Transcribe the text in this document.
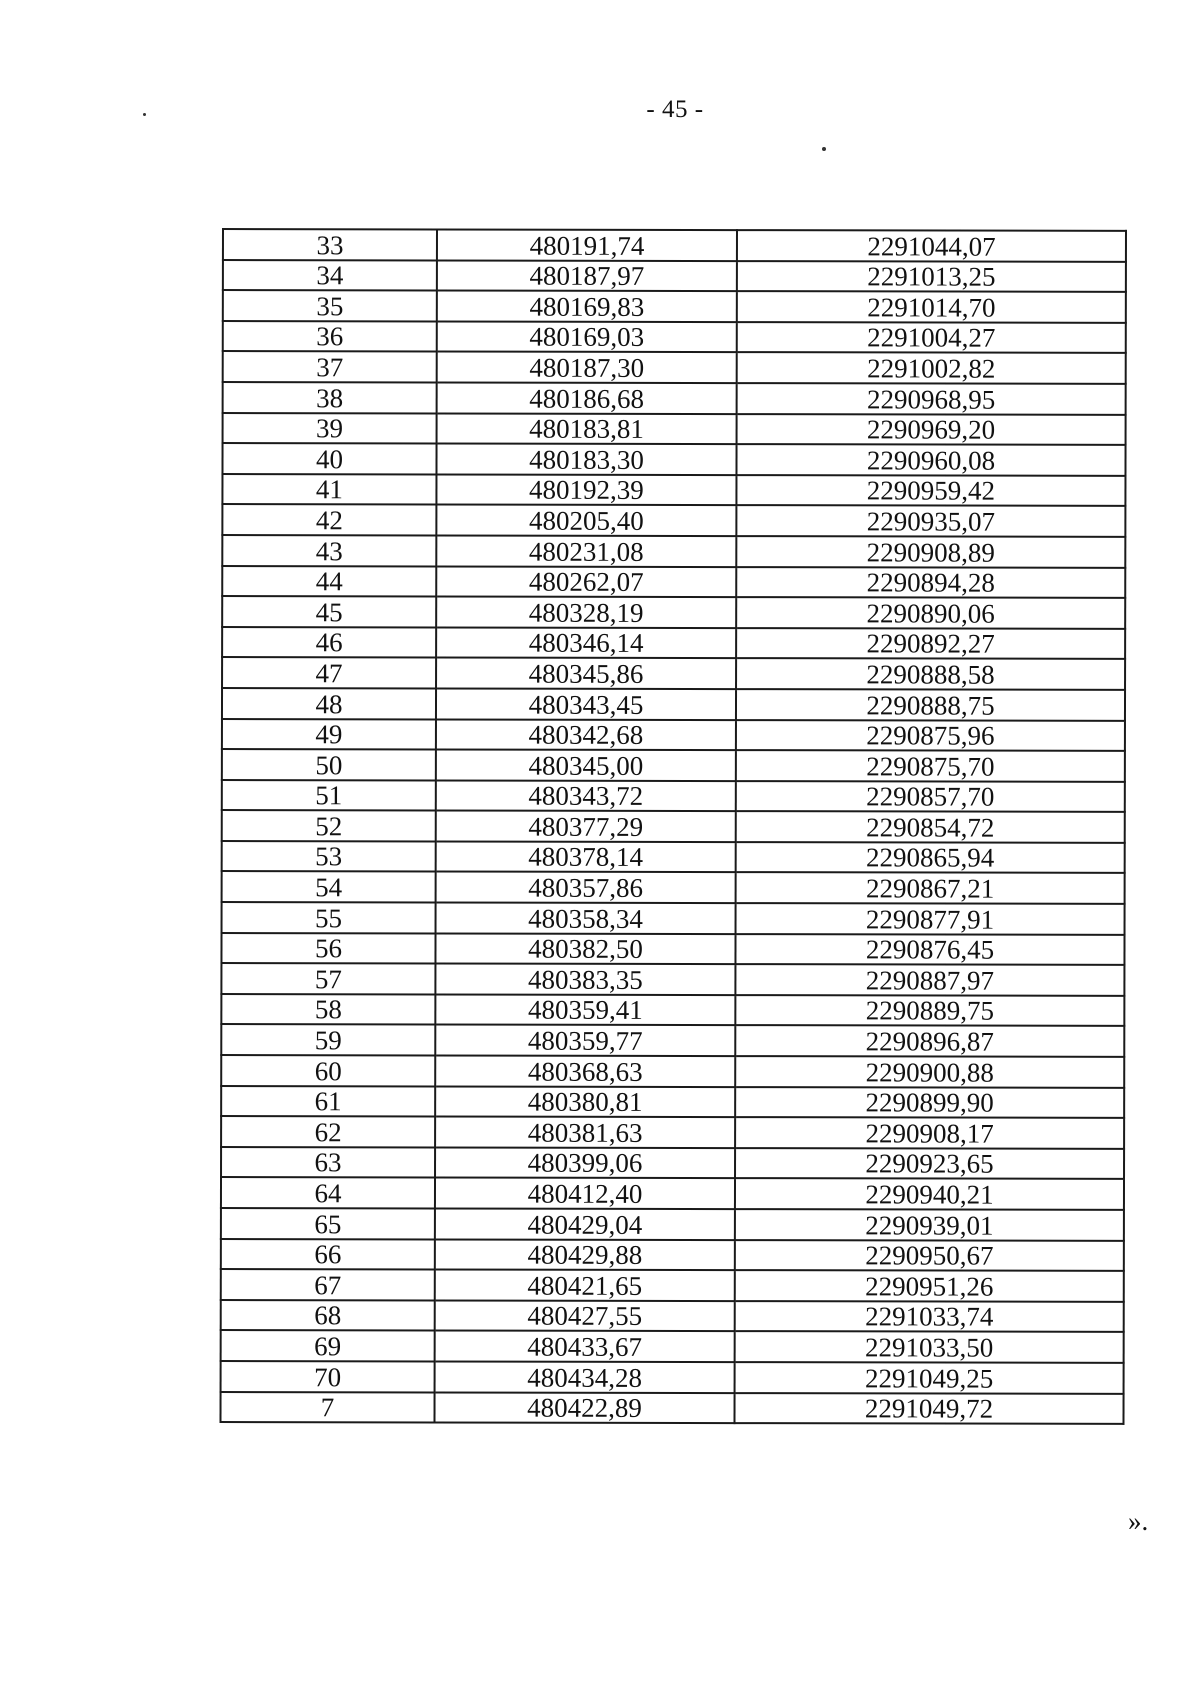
- 45 -
33	480191,74	2291044,07
34	480187,97	2291013,25
35	480169,83	2291014,70
36	480169,03	2291004,27
37	480187,30	2291002,82
38	480186,68	2290968,95
39	480183,81	2290969,20
40	480183,30	2290960,08
41	480192,39	2290959,42
42	480205,40	2290935,07
43	480231,08	2290908,89
44	480262,07	2290894,28
45	480328,19	2290890,06
46	480346,14	2290892,27
47	480345,86	2290888,58
48	480343,45	2290888,75
49	480342,68	2290875,96
50	480345,00	2290875,70
51	480343,72	2290857,70
52	480377,29	2290854,72
53	480378,14	2290865,94
54	480357,86	2290867,21
55	480358,34	2290877,91
56	480382,50	2290876,45
57	480383,35	2290887,97
58	480359,41	2290889,75
59	480359,77	2290896,87
60	480368,63	2290900,88
61	480380,81	2290899,90
62	480381,63	2290908,17
63	480399,06	2290923,65
64	480412,40	2290940,21
65	480429,04	2290939,01
66	480429,88	2290950,67
67	480421,65	2290951,26
68	480427,55	2291033,74
69	480433,67	2291033,50
70	480434,28	2291049,25
7	480422,89	2291049,72
».
